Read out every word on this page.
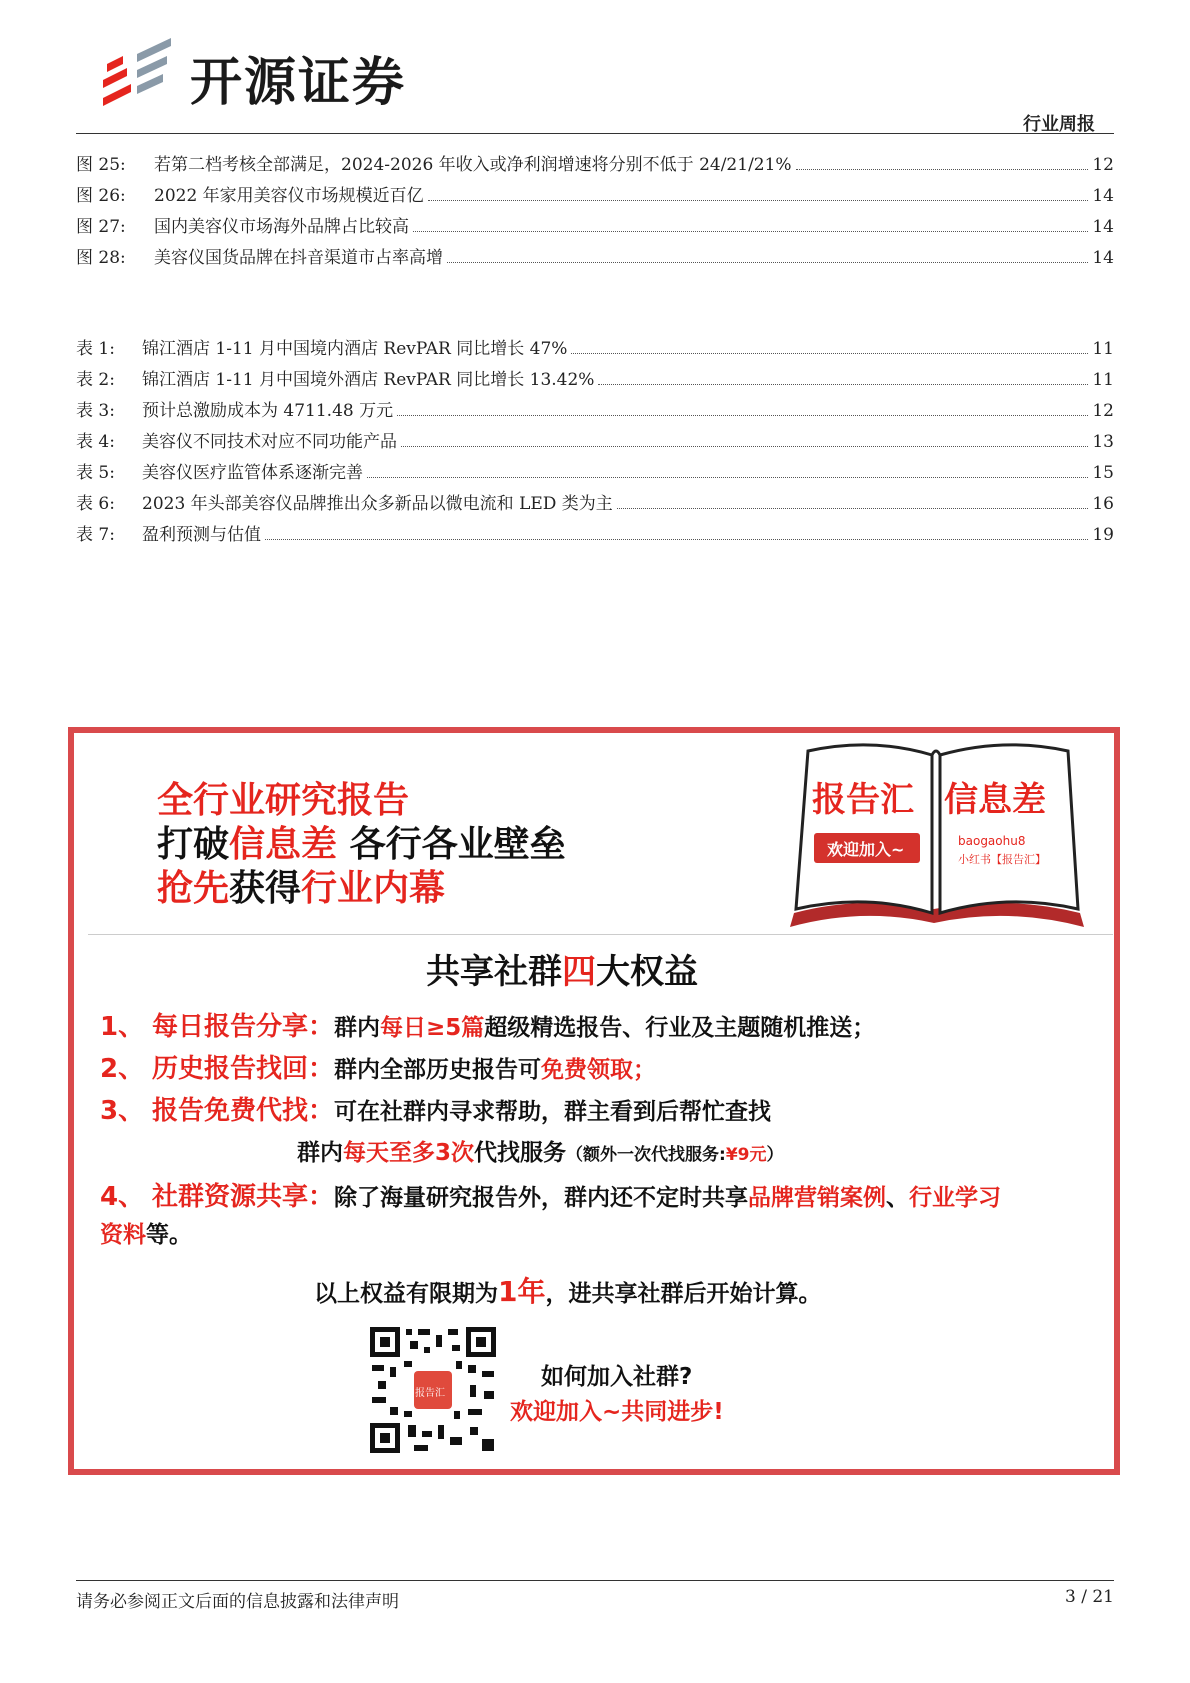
开源证券
行业周报
图 25:	若第二档考核全部满足，2024-2026 年收入或净利润增速将分别不低于 24/21/21%	12
图 26:	2022 年家用美容仪市场规模近百亿	14
图 27:	国内美容仪市场海外品牌占比较高	14
图 28:	美容仪国货品牌在抖音渠道市占率高增	14
表 1:	锦江酒店 1-11 月中国境内酒店 RevPAR 同比增长 47%	11
表 2:	锦江酒店 1-11 月中国境外酒店 RevPAR 同比增长 13.42%	11
表 3:	预计总激励成本为 4711.48 万元	12
表 4:	美容仪不同技术对应不同功能产品	13
表 5:	美容仪医疗监管体系逐渐完善	15
表 6:	2023 年头部美容仪品牌推出众多新品以微电流和 LED 类为主	16
表 7:	盈利预测与估值	19
全行业研究报告
打破信息差 各行各业壁垒
抢先获得行业内幕
报告汇 信息差
欢迎加入~	baogaohu8
小红书【报告汇】
共享社群四大权益
1、 每日报告分享：群内每日≥5篇超级精选报告、行业及主题随机推送；
2、 历史报告找回：群内全部历史报告可免费领取；
3、 报告免费代找：可在社群内寻求帮助，群主看到后帮忙查找
群内每天至多3次代找服务（额外一次代找服务:¥9元）
4、 社群资源共享：除了海量研究报告外，群内还不定时共享品牌营销案例、行业学习
资料等。
以上权益有限期为1年，进共享社群后开始计算。
报告汇
如何加入社群?
欢迎加入~共同进步!
请务必参阅正文后面的信息披露和法律声明	3 / 21
